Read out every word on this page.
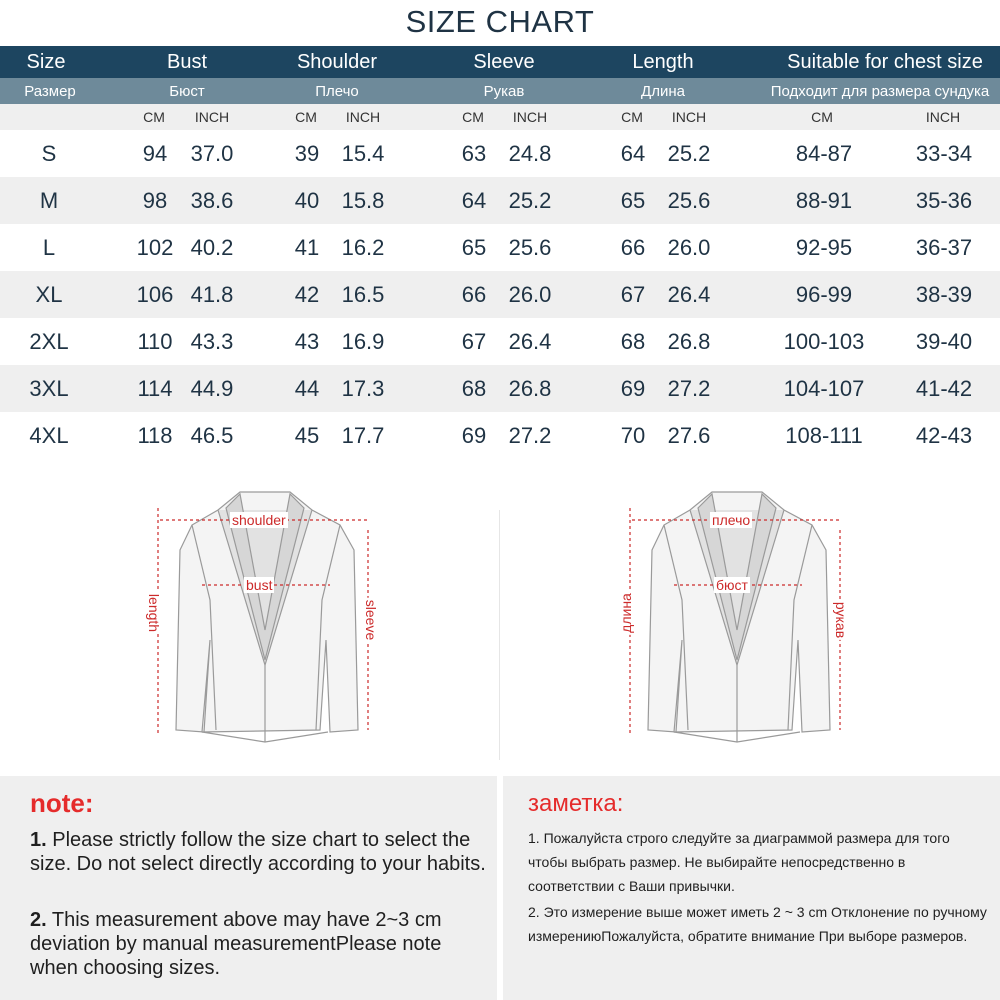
SIZE CHART
Size	Bust	Shoulder	Sleeve	Length	Suitable for chest size
Размер	Бюст	Плечо	Рукав	Длина	Подходит для размера сундука
CM	INCH	CM	INCH	CM	INCH	CM	INCH	CM	INCH
S	94	37.0	39	15.4	63	24.8	64	25.2	84-87	33-34
M	98	38.6	40	15.8	64	25.2	65	25.6	88-91	35-36
L	102 40.2	41	16.2	65	25.6	66	26.0	92-95	36-37
XL	106 41.8	42	16.5	66	26.0	67	26.4	96-99	38-39
2XL	110 43.3	43	16.9	67	26.4	68	26.8	100-103	39-40
3XL	114 44.9	44	17.3	68	26.8	69	27.2	104-107	41-42
4XL	118 46.5	45	17.7	69	27.2	70	27.6	108-111	42-43
shoulder
bust
length	sleeve
плечо
бюст
длина	рукав
note:
1. Please strictly follow the size chart to select the size. Do not select directly according to your habits.
2. This measurement above may have 2~3 cm deviation by manual measurementPlease note when choosing sizes.
заметка:
1. Пожалуйста строго следуйте за диаграммой размера для того чтобы выбрать размер. Не выбирайте непосредственно в соответствии с Ваши привычки.
2. Это измерение выше может иметь 2 ~ 3 cm Отклонение по ручному измерениюПожалуйста, обратите внимание При выборе размеров.
